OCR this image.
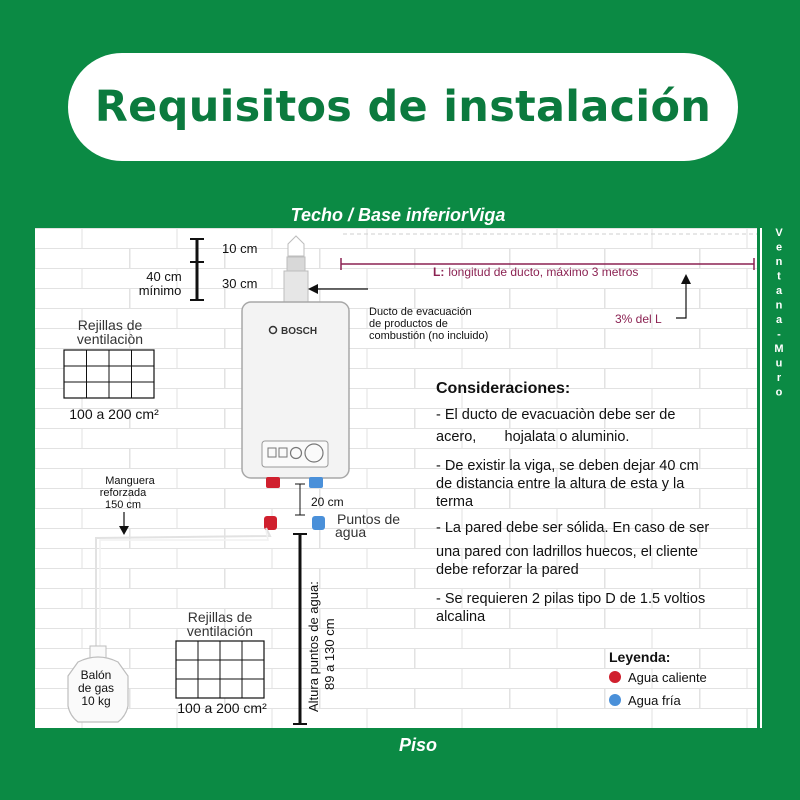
Requisitos de instalación
Techo / Base inferiorViga
Piso
V e n t a n a -M u r o
10 cm
30 cm
40 cm
mínimo
L: longitud de ducto, máximo 3 metros
3% del L
Ducto de evacuación
de productos de
combustión (no incluido)
BOSCH
20 cm
Puntos de
agua
Altura puntos de agua: 89 a 130 cm
Rejillas de
ventilaciòn
100 a 200 cm²
Manguera
reforzada
150 cm
Balón
de gas
10 kg
Rejillas de
ventilación
100 a 200 cm²
Consideraciones:
- El ducto de evacuaciòn debe ser de
acero,       hojalata o aluminio.
- De existir la viga, se deben dejar 40 cm
de distancia entre la altura de esta y la
terma
- La pared debe ser sólida. En caso de ser
una pared con ladrillos huecos, el cliente
debe reforzar la pared
- Se requieren 2 pilas tipo D de 1.5 voltios
alcalina
Leyenda:
Agua caliente
Agua fría
